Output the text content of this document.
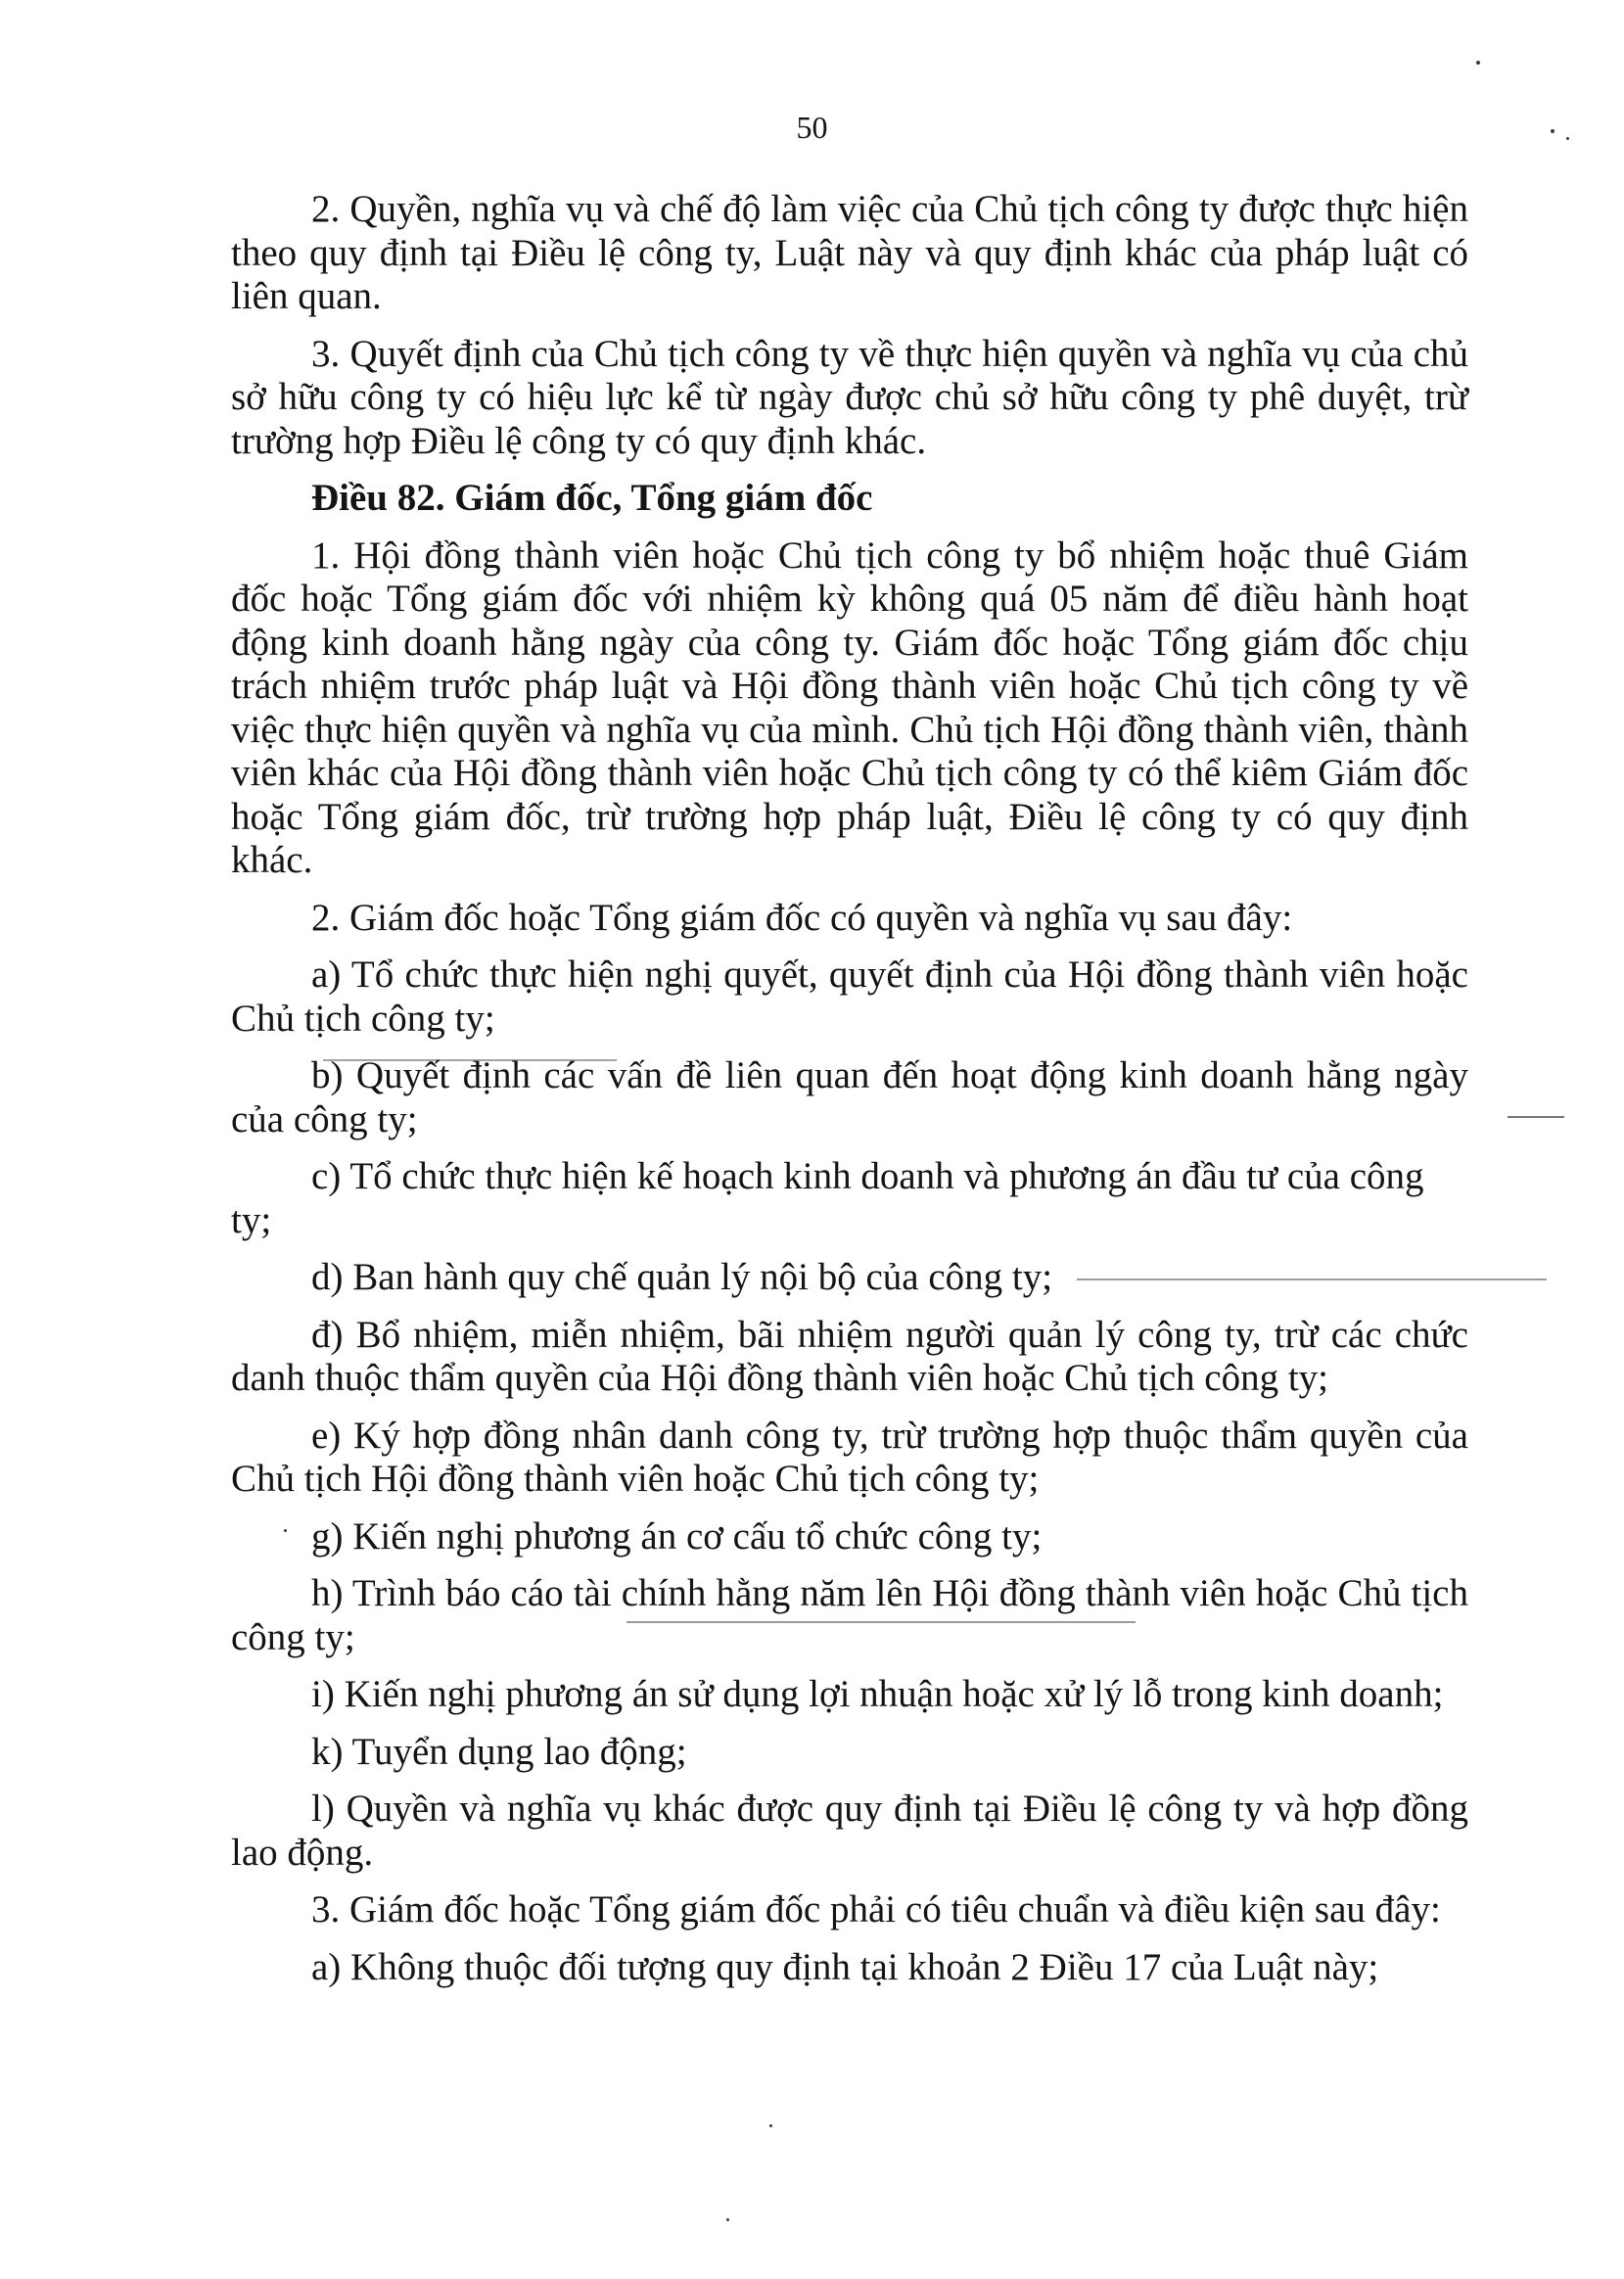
50

2. Quyền, nghĩa vụ và chế độ làm việc của Chủ tịch công ty được thực hiện theo quy định tại Điều lệ công ty, Luật này và quy định khác của pháp luật có liên quan.

3. Quyết định của Chủ tịch công ty về thực hiện quyền và nghĩa vụ của chủ sở hữu công ty có hiệu lực kể từ ngày được chủ sở hữu công ty phê duyệt, trừ trường hợp Điều lệ công ty có quy định khác.

Điều 82. Giám đốc, Tổng giám đốc

1. Hội đồng thành viên hoặc Chủ tịch công ty bổ nhiệm hoặc thuê Giám đốc hoặc Tổng giám đốc với nhiệm kỳ không quá 05 năm để điều hành hoạt động kinh doanh hằng ngày của công ty. Giám đốc hoặc Tổng giám đốc chịu trách nhiệm trước pháp luật và Hội đồng thành viên hoặc Chủ tịch công ty về việc thực hiện quyền và nghĩa vụ của mình. Chủ tịch Hội đồng thành viên, thành viên khác của Hội đồng thành viên hoặc Chủ tịch công ty có thể kiêm Giám đốc hoặc Tổng giám đốc, trừ trường hợp pháp luật, Điều lệ công ty có quy định khác.

2. Giám đốc hoặc Tổng giám đốc có quyền và nghĩa vụ sau đây:

a) Tổ chức thực hiện nghị quyết, quyết định của Hội đồng thành viên hoặc Chủ tịch công ty;

b) Quyết định các vấn đề liên quan đến hoạt động kinh doanh hằng ngày của công ty;

c) Tổ chức thực hiện kế hoạch kinh doanh và phương án đầu tư của công ty;

d) Ban hành quy chế quản lý nội bộ của công ty;

đ) Bổ nhiệm, miễn nhiệm, bãi nhiệm người quản lý công ty, trừ các chức danh thuộc thẩm quyền của Hội đồng thành viên hoặc Chủ tịch công ty;

e) Ký hợp đồng nhân danh công ty, trừ trường hợp thuộc thẩm quyền của Chủ tịch Hội đồng thành viên hoặc Chủ tịch công ty;

g) Kiến nghị phương án cơ cấu tổ chức công ty;

h) Trình báo cáo tài chính hằng năm lên Hội đồng thành viên hoặc Chủ tịch công ty;

i) Kiến nghị phương án sử dụng lợi nhuận hoặc xử lý lỗ trong kinh doanh;

k) Tuyển dụng lao động;

l) Quyền và nghĩa vụ khác được quy định tại Điều lệ công ty và hợp đồng lao động.

3. Giám đốc hoặc Tổng giám đốc phải có tiêu chuẩn và điều kiện sau đây:

a) Không thuộc đối tượng quy định tại khoản 2 Điều 17 của Luật này;
